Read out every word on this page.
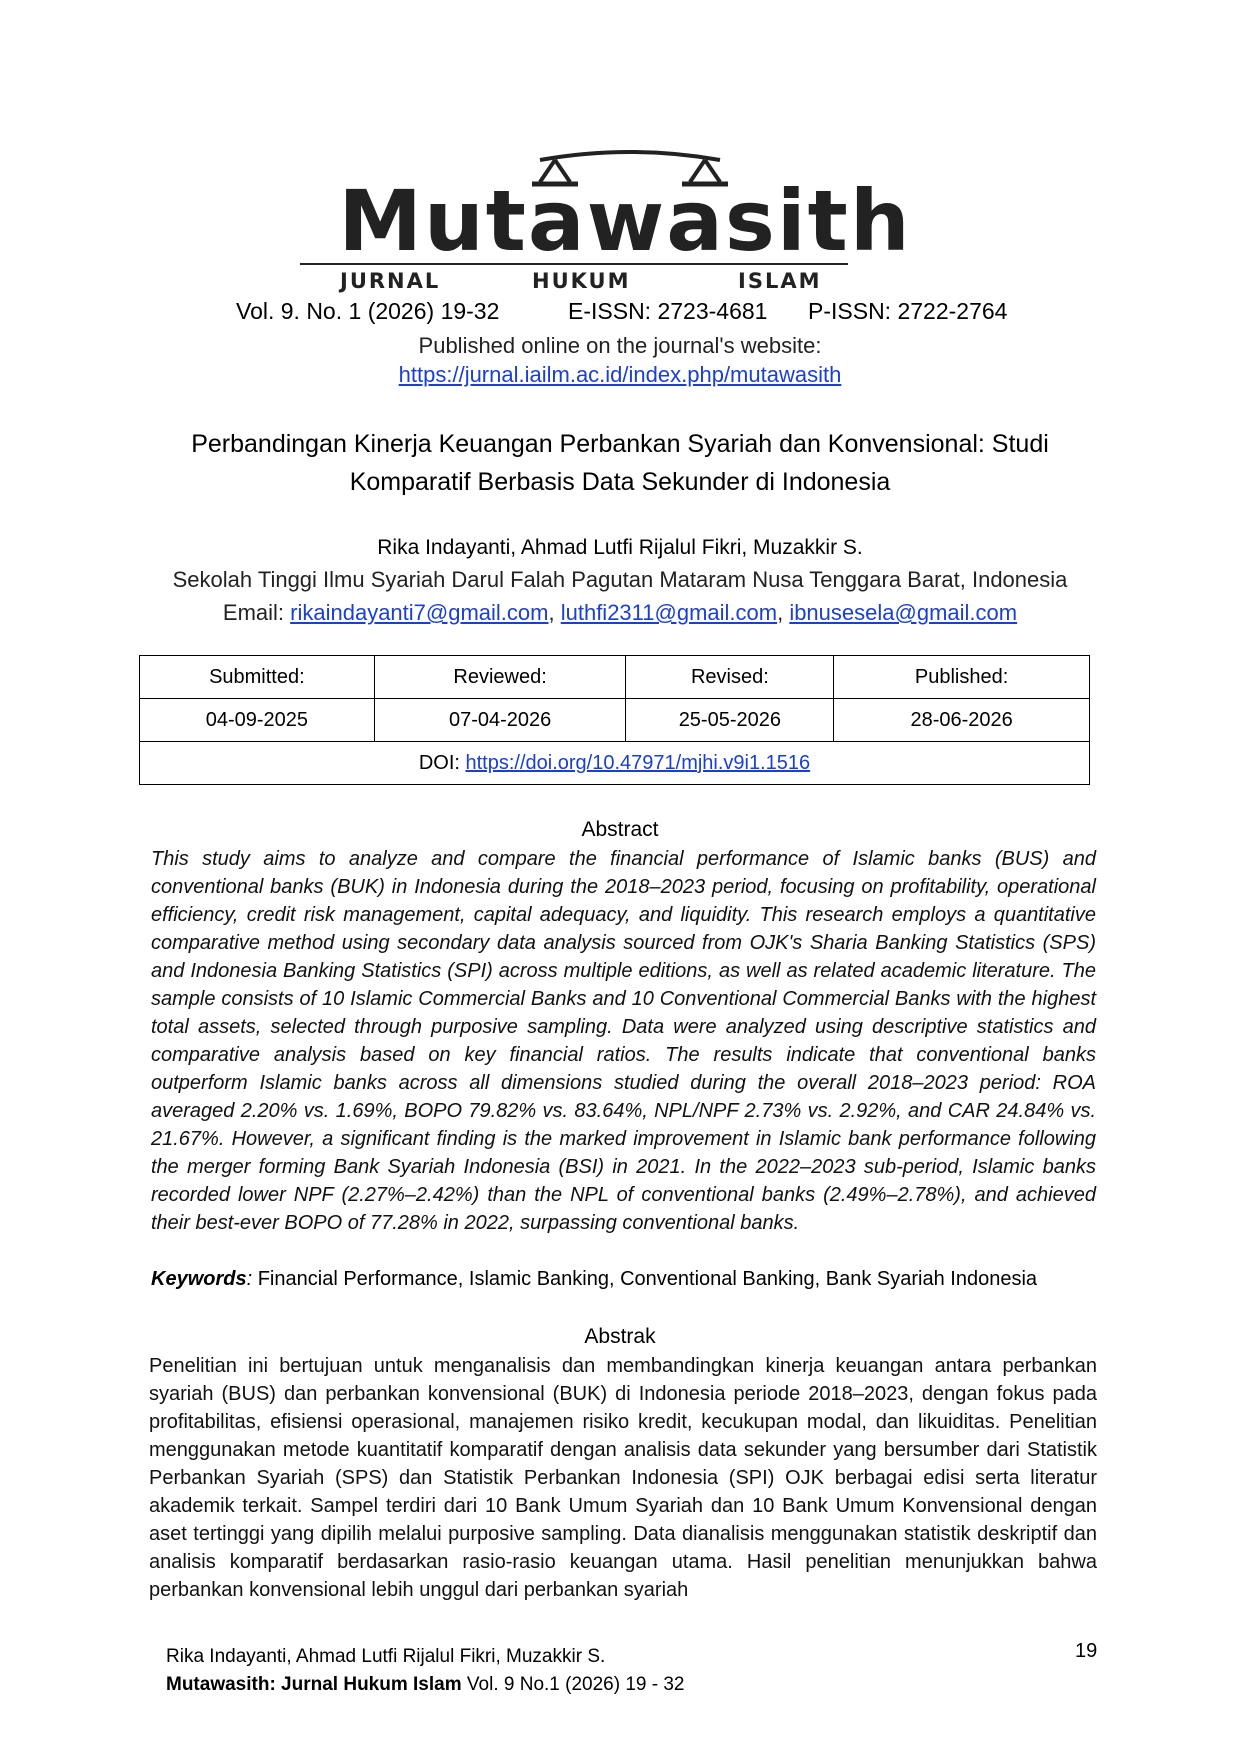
Mutawasith
JURNAL	HUKUM	ISLAM
Vol. 9. No. 1 (2026) 19-32	E-ISSN: 2723-4681 P-ISSN: 2722-2764
Published online on the journal's website:
https://jurnal.iailm.ac.id/index.php/mutawasith
Perbandingan Kinerja Keuangan Perbankan Syariah dan Konvensional: Studi
Komparatif Berbasis Data Sekunder di Indonesia
Rika Indayanti, Ahmad Lutfi Rijalul Fikri, Muzakkir S.
Sekolah Tinggi Ilmu Syariah Darul Falah Pagutan Mataram Nusa Tenggara Barat, Indonesia
Email: rikaindayanti7@gmail.com, luthfi2311@gmail.com, ibnusesela@gmail.com
Submitted:	Reviewed:	Revised:	Published:
04-09-2025	07-04-2026	25-05-2026	28-06-2026
DOI: https://doi.org/10.47971/mjhi.v9i1.1516			
Abstract

This study aims to analyze and compare the financial performance of Islamic banks (BUS) and conventional banks (BUK) in Indonesia during the 2018–2023 period, focusing on profitability, operational efficiency, credit risk management, capital adequacy, and liquidity. This research employs a quantitative comparative method using secondary data analysis sourced from OJK's Sharia Banking Statistics (SPS) and Indonesia Banking Statistics (SPI) across multiple editions, as well as related academic literature. The sample consists of 10 Islamic Commercial Banks and 10 Conventional Commercial Banks with the highest total assets, selected through purposive sampling. Data were analyzed using descriptive statistics and comparative analysis based on key financial ratios. The results indicate that conventional banks outperform Islamic banks across all dimensions studied during the overall 2018–2023 period: ROA averaged 2.20% vs. 1.69%, BOPO 79.82% vs. 83.64%, NPL/NPF 2.73% vs. 2.92%, and CAR 24.84% vs. 21.67%. However, a significant finding is the marked improvement in Islamic bank performance following the merger forming Bank Syariah Indonesia (BSI) in 2021. In the 2022–2023 sub-period, Islamic banks recorded lower NPF (2.27%–2.42%) than the NPL of conventional banks (2.49%–2.78%), and achieved their best-ever BOPO of 77.28% in 2022, surpassing conventional banks.

Keywords: Financial Performance, Islamic Banking, Conventional Banking, Bank Syariah Indonesia
Abstrak

Penelitian ini bertujuan untuk menganalisis dan membandingkan kinerja keuangan antara perbankan syariah (BUS) dan perbankan konvensional (BUK) di Indonesia periode 2018–2023, dengan fokus pada profitabilitas, efisiensi operasional, manajemen risiko kredit, kecukupan modal, dan likuiditas. Penelitian menggunakan metode kuantitatif komparatif dengan analisis data sekunder yang bersumber dari Statistik Perbankan Syariah (SPS) dan Statistik Perbankan Indonesia (SPI) OJK berbagai edisi serta literatur akademik terkait. Sampel terdiri dari 10 Bank Umum Syariah dan 10 Bank Umum Konvensional dengan aset tertinggi yang dipilih melalui purposive sampling. Data dianalisis menggunakan statistik deskriptif dan analisis komparatif berdasarkan rasio-rasio keuangan utama. Hasil penelitian menunjukkan bahwa perbankan konvensional lebih unggul dari perbankan syariah

Rika Indayanti, Ahmad Lutfi Rijalul Fikri, Muzakkir S.
Mutawasith: Jurnal Hukum Islam Vol. 9 No.1 (2026) 19 - 32
19
